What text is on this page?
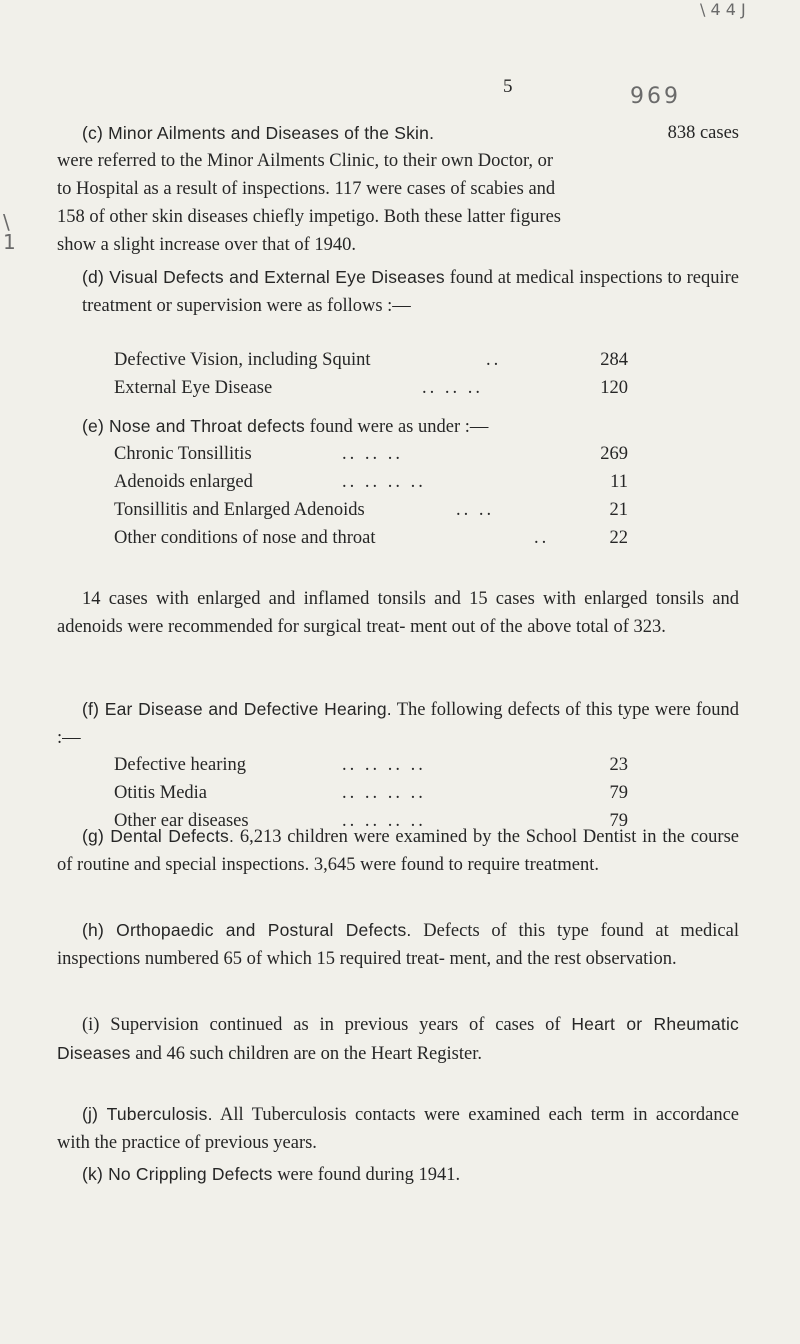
\ 4 4 J
9 6 9
\ 1
5
(c) Minor Ailments and Diseases of the Skin.	838 cases
were referred to the Minor Ailments Clinic, to their own Doctor, or
to Hospital as a result of inspections. 117 were cases of scabies and
158 of other skin diseases chiefly impetigo. Both these latter figures
show a slight increase over that of 1940.
(d) Visual Defects and External Eye Diseases found at medical inspections to require treatment or supervision were as follows :—
Defective Vision, including Squint	..	284
External Eye Disease	.. .. ..	120
(e) Nose and Throat defects found were as under :—
Chronic Tonsillitis	.. .. ..	269
Adenoids enlarged	.. .. .. ..	11
Tonsillitis and Enlarged Adenoids	.. ..	21
Other conditions of nose and throat	..	22
14 cases with enlarged and inflamed tonsils and 15 cases with enlarged tonsils and adenoids were recommended for surgical treat- ment out of the above total of 323.
(f) Ear Disease and Defective Hearing. The following defects of this type were found :—
Defective hearing	.. .. .. ..	23
Otitis Media	.. .. .. ..	79
Other ear diseases	.. .. .. ..	79
(g) Dental Defects. 6,213 children were examined by the School Dentist in the course of routine and special inspections. 3,645 were found to require treatment.
(h) Orthopaedic and Postural Defects. Defects of this type found at medical inspections numbered 65 of which 15 required treat- ment, and the rest observation.
(i) Supervision continued as in previous years of cases of Heart or Rheumatic Diseases and 46 such children are on the Heart Register.
(j) Tuberculosis. All Tuberculosis contacts were examined each term in accordance with the practice of previous years.
(k) No Crippling Defects were found during 1941.
